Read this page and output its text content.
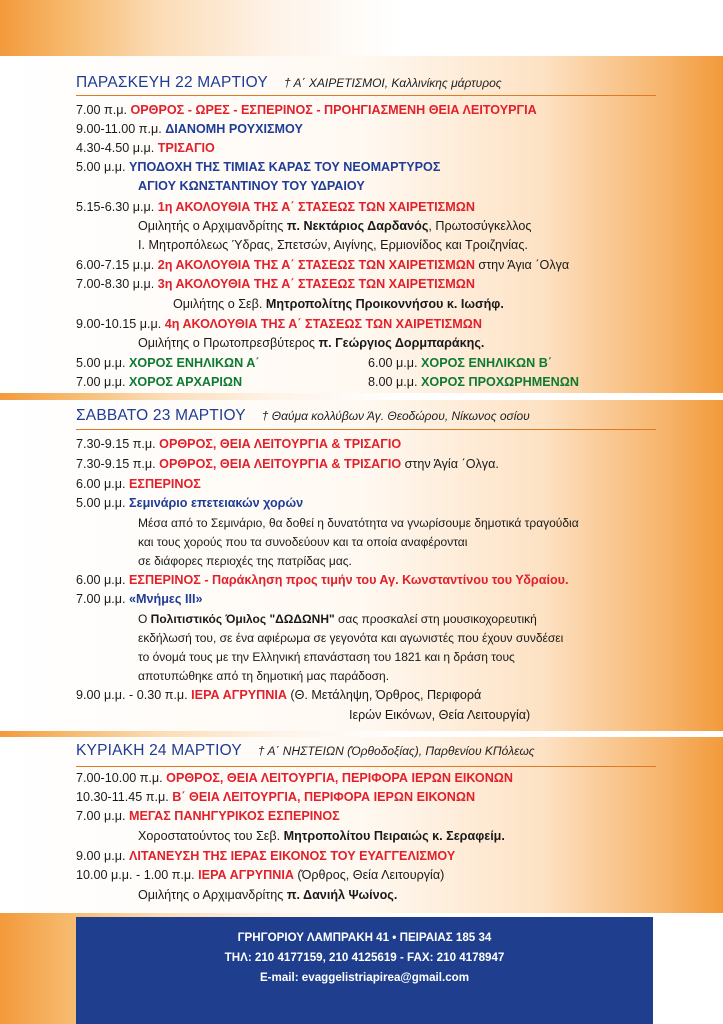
ΠΑΡΑΣΚΕΥΗ 22 ΜΑΡΤΙΟΥ † Α΄ ΧΑΙΡΕΤΙΣΜΟΙ, Καλλινίκης μάρτυρος
7.00 π.μ. ΟΡΘΡΟΣ - ΩΡΕΣ - ΕΣΠΕΡΙΝΟΣ - ΠΡΟΗΓΙΑΣΜΕΝΗ ΘΕΙΑ ΛΕΙΤΟΥΡΓΙΑ
9.00-11.00 π.μ. ΔΙΑΝΟΜΗ ΡΟΥΧΙΣΜΟΥ
4.30-4.50 μ.μ. ΤΡΙΣΑΓΙΟ
5.00 μ.μ. ΥΠΟΔΟΧΗ ΤΗΣ ΤΙΜΙΑΣ ΚΑΡΑΣ ΤΟΥ ΝΕΟΜΑΡΤΥΡΟΣ
ΑΓΙΟΥ ΚΩΝΣΤΑΝΤΙΝΟΥ ΤΟΥ ΥΔΡΑΙΟΥ
5.15-6.30 μ.μ. 1η ΑΚΟΛΟΥΘΙΑ ΤΗΣ Α΄ ΣΤΑΣΕΩΣ ΤΩΝ ΧΑΙΡΕΤΙΣΜΩΝ
Ομιλητής ο Αρχιμανδρίτης π. Νεκτάριος Δαρδανός, Πρωτοσύγκελλος
Ι. Μητροπόλεως Ύδρας, Σπετσών, Αιγίνης, Ερμιονίδος και Τροιζηνίας.
6.00-7.15 μ.μ. 2η ΑΚΟΛΟΥΘΙΑ ΤΗΣ Α΄ ΣΤΑΣΕΩΣ ΤΩΝ ΧΑΙΡΕΤΙΣΜΩΝ στην Άγια ΄Ολγα
7.00-8.30 μ.μ. 3η ΑΚΟΛΟΥΘΙΑ ΤΗΣ Α΄ ΣΤΑΣΕΩΣ ΤΩΝ ΧΑΙΡΕΤΙΣΜΩΝ
Ομιλήτης ο Σεβ. Μητροπολίτης Προικοννήσου κ. Ιωσήφ.
9.00-10.15 μ.μ. 4η ΑΚΟΛΟΥΘΙΑ ΤΗΣ Α΄ ΣΤΑΣΕΩΣ ΤΩΝ ΧΑΙΡΕΤΙΣΜΩΝ
Ομιλήτης ο Πρωτοπρεσβύτερος π. Γεώργιος Δορμπαράκης.
5.00 μ.μ. ΧΟΡΟΣ ΕΝΗΛΙΚΩΝ Α΄	6.00 μ.μ. ΧΟΡΟΣ ΕΝΗΛΙΚΩΝ Β΄
7.00 μ.μ. ΧΟΡΟΣ ΑΡΧΑΡΙΩΝ	8.00 μ.μ. ΧΟΡΟΣ ΠΡΟΧΩΡΗΜΕΝΩΝ
ΣΑΒΒΑΤΟ 23 ΜΑΡΤΙΟΥ † Θαύμα κολλύβων Άγ. Θεοδώρου, Νίκωνος οσίου
7.30-9.15 π.μ. ΟΡΘΡΟΣ, ΘΕΙΑ ΛΕΙΤΟΥΡΓΙΑ & ΤΡΙΣΑΓΙΟ
7.30-9.15 π.μ. ΟΡΘΡΟΣ, ΘΕΙΑ ΛΕΙΤΟΥΡΓΙΑ & ΤΡΙΣΑΓΙΟ στην Άγία ΄Ολγα.
6.00 μ.μ. ΕΣΠΕΡΙΝΟΣ
5.00 μ.μ. Σεμινάριο επετειακών χορών
Μέσα από το Σεμινάριο, θα δοθεί η δυνατότητα να γνωρίσουμε δημοτικά τραγούδια
και τους χορούς που τα συνοδεύουν και τα οποία αναφέρονται
σε διάφορες περιοχές της πατρίδας μας.
6.00 μ.μ. ΕΣΠΕΡΙΝΟΣ - Παράκληση προς τιμήν του Αγ. Κωνσταντίνου του Υδραίου.
7.00 μ.μ. «Μνήμες ΙΙΙ»
Ο Πολιτιστικός Όμιλος "ΔΩΔΩΝΗ" σας προσκαλεί στη μουσικοχορευτική
εκδήλωσή του, σε ένα αφιέρωμα σε γεγονότα και αγωνιστές που έχουν συνδέσει
το όνομά τους με την Ελληνική επανάσταση του 1821 και η δράση τους
αποτυπώθηκε από τη δημοτική μας παράδοση.
9.00 μ.μ. - 0.30 π.μ. ΙΕΡΑ ΑΓΡΥΠΝΙΑ (Θ. Μετάληψη, Όρθρος, Περιφορά
Ιερών Εικόνων, Θεία Λειτουργία)
ΚΥΡΙΑΚΗ 24 ΜΑΡΤΙΟΥ † Α΄ ΝΗΣΤΕΙΩΝ (Όρθοδοξίας), Παρθενίου ΚΠόλεως
7.00-10.00 π.μ. ΟΡΘΡΟΣ, ΘΕΙΑ ΛΕΙΤΟΥΡΓΙΑ, ΠΕΡΙΦΟΡΑ ΙΕΡΩΝ ΕΙΚΟΝΩΝ
10.30-11.45 π.μ. Β΄ ΘΕΙΑ ΛΕΙΤΟΥΡΓΙΑ, ΠΕΡΙΦΟΡΑ ΙΕΡΩΝ ΕΙΚΟΝΩΝ
7.00 μ.μ. ΜΕΓΑΣ ΠΑΝΗΓΥΡΙΚΟΣ ΕΣΠΕΡΙΝΟΣ
Χοροστατούντος του Σεβ. Μητροπολίτου Πειραιώς κ. Σεραφείμ.
9.00 μ.μ. ΛΙΤΑΝΕΥΣΗ ΤΗΣ ΙΕΡΑΣ ΕΙΚΟΝΟΣ ΤΟΥ ΕΥΑΓΓΕΛΙΣΜΟΥ
10.00 μ.μ. - 1.00 π.μ. ΙΕΡΑ ΑΓΡΥΠΝΙΑ (Όρθρος, Θεία Λειτουργία)
Ομιλήτης ο Αρχιμανδρίτης π. Δανιήλ Ψωίνος.
ΓΡΗΓΟΡΙΟΥ ΛΑΜΠΡΑΚΗ 41 • ΠΕΙΡΑΙΑΣ 185 34
ΤΗΛ: 210 4177159, 210 4125619 - FAX: 210 4178947
E-mail: evaggelistriapirea@gmail.com
